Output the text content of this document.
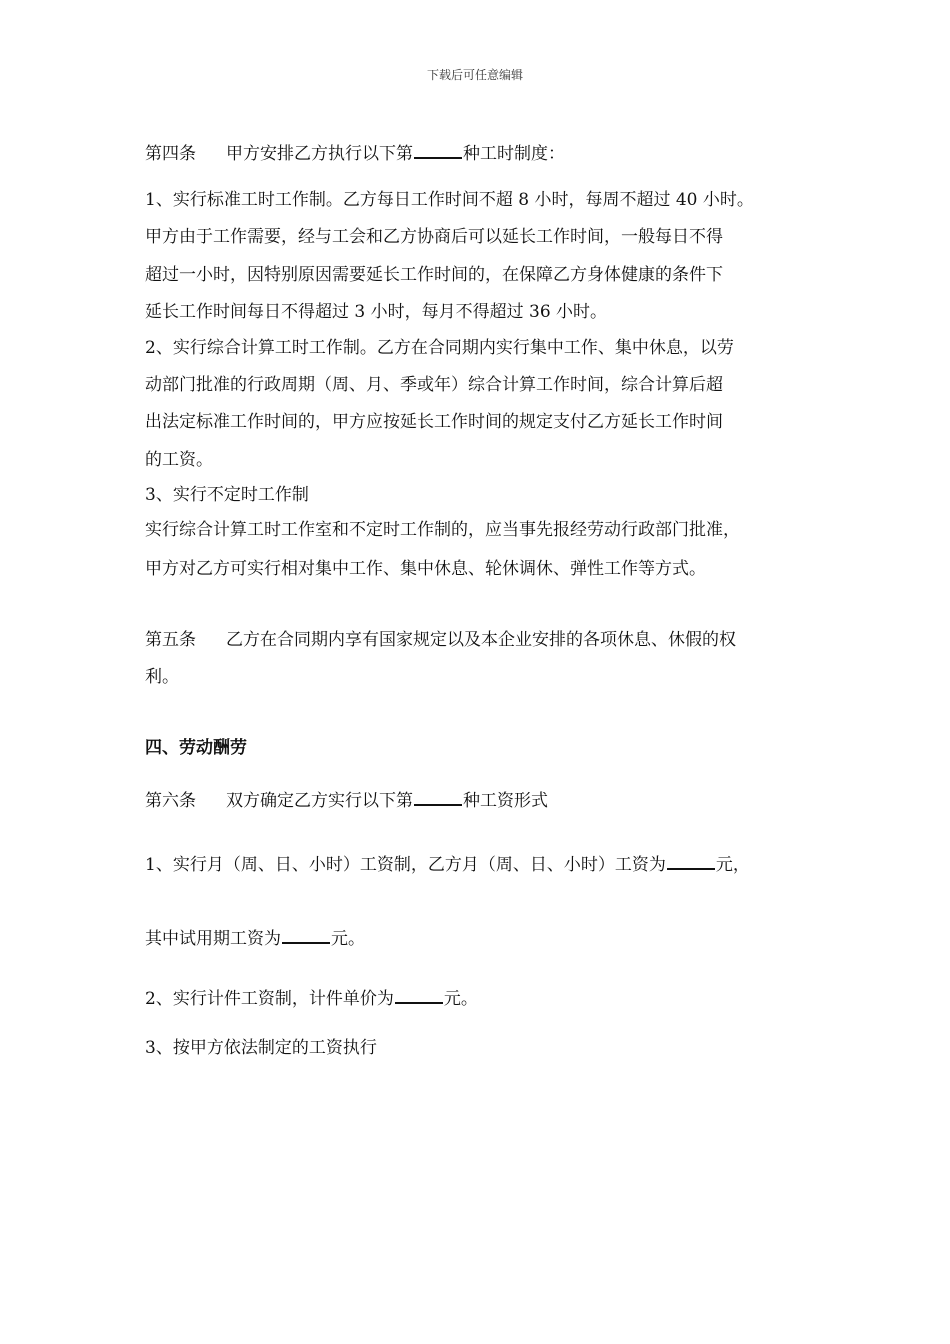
下载后可任意编辑
第四条 甲方安排乙方执行以下第	种工时制度：
1、实行标准工时工作制。乙方每日工作时间不超 8 小时，每周不超过 40 小时。
甲方由于工作需要，经与工会和乙方协商后可以延长工作时间，一般每日不得
超过一小时，因特别原因需要延长工作时间的，在保障乙方身体健康的条件下
延长工作时间每日不得超过 3 小时，每月不得超过 36 小时。
2、实行综合计算工时工作制。乙方在合同期内实行集中工作、集中休息，以劳
动部门批准的行政周期（周、月、季或年）综合计算工作时间，综合计算后超
出法定标准工作时间的，甲方应按延长工作时间的规定支付乙方延长工作时间
的工资。
3、实行不定时工作制
实行综合计算工时工作室和不定时工作制的，应当事先报经劳动行政部门批准，
甲方对乙方可实行相对集中工作、集中休息、轮休调休、弹性工作等方式。
第五条 乙方在合同期内享有国家规定以及本企业安排的各项休息、休假的权
利。
四、劳动酬劳
第六条 双方确定乙方实行以下第	种工资形式
1、实行月（周、日、小时）工资制，乙方月（周、日、小时）工资为	元，
其中试用期工资为	元。
2、实行计件工资制，计件单价为	元。
3、按甲方依法制定的工资执行
